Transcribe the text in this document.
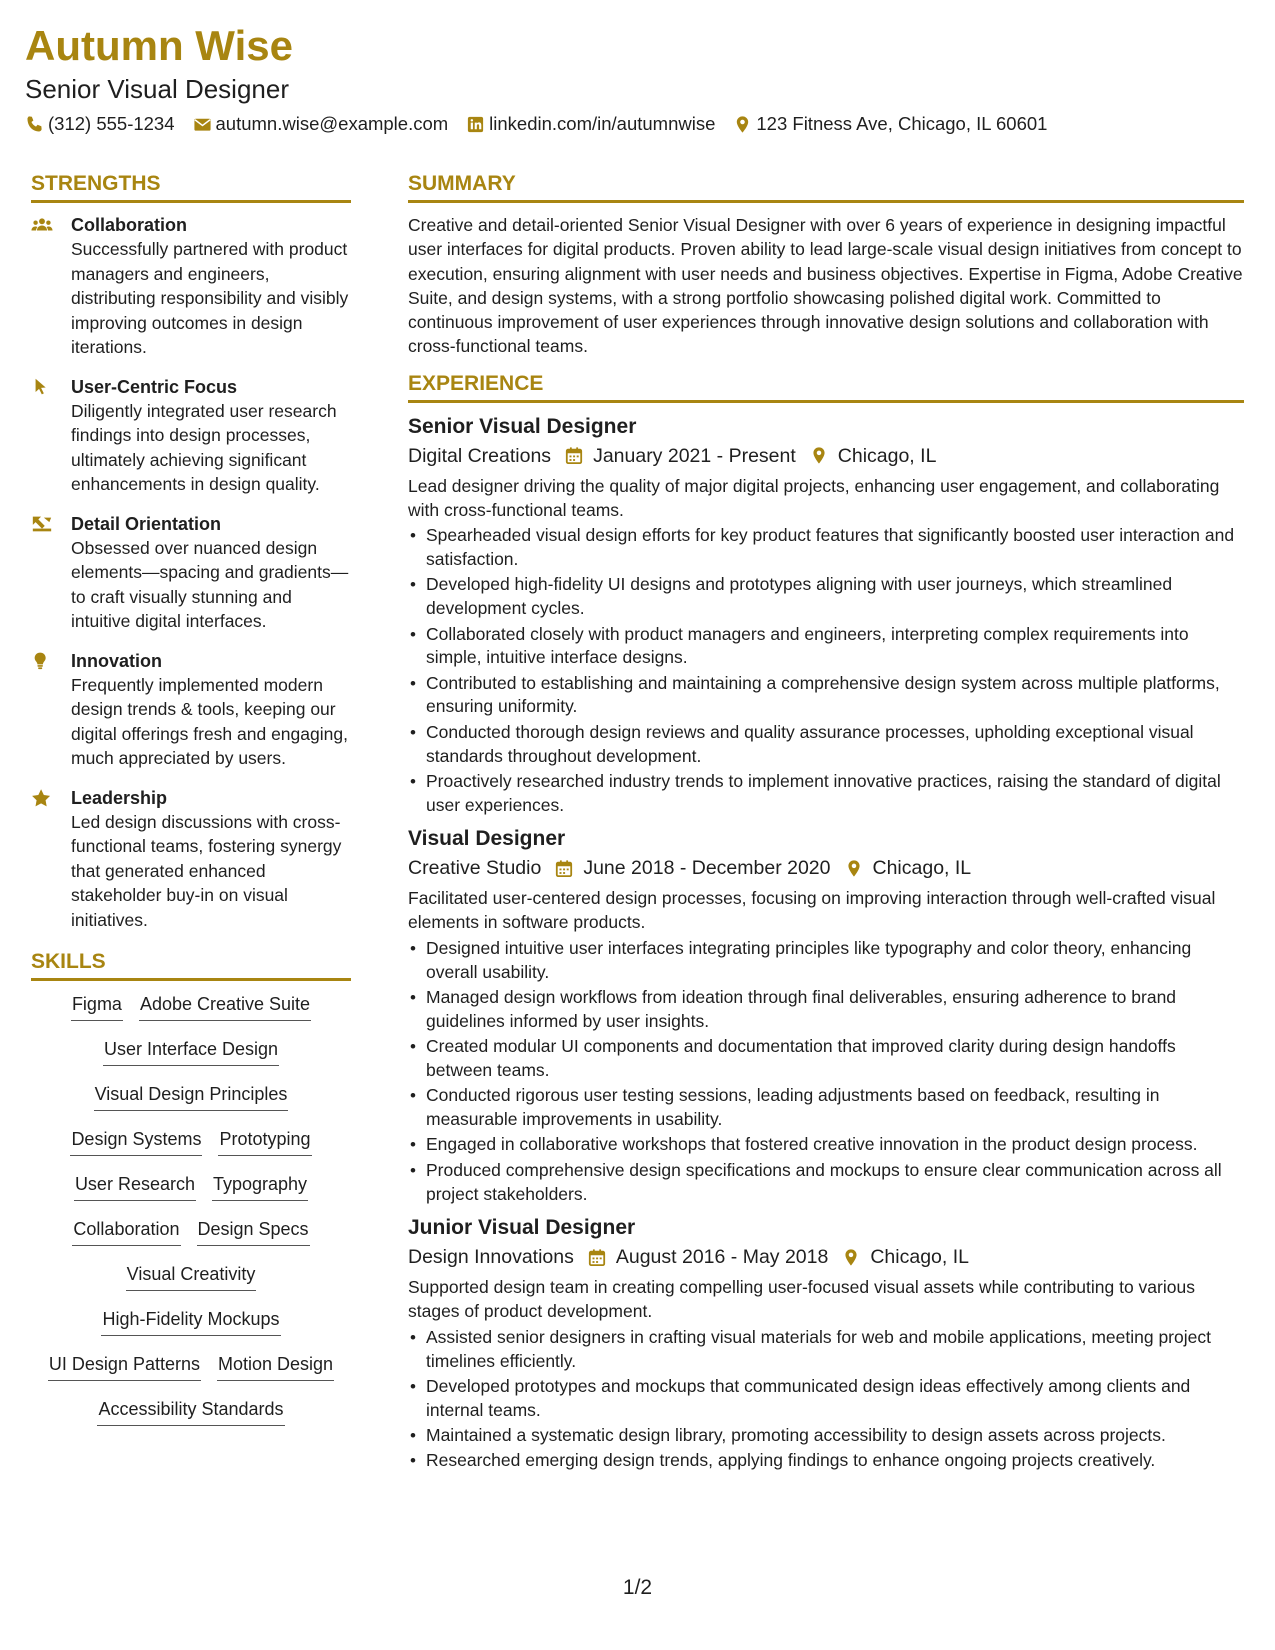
Autumn Wise
Senior Visual Designer
(312) 555-1234 autumn.wise@example.com linkedin.com/in/autumnwise 123 Fitness Ave, Chicago, IL 60601
STRENGTHS
Collaboration
Successfully partnered with product managers and engineers, distributing responsibility and visibly improving outcomes in design iterations.
User-Centric Focus
Diligently integrated user research findings into design processes, ultimately achieving significant enhancements in design quality.
Detail Orientation
Obsessed over nuanced design elements—spacing and gradients—to craft visually stunning and intuitive digital interfaces.
Innovation
Frequently implemented modern design trends & tools, keeping our digital offerings fresh and engaging, much appreciated by users.
Leadership
Led design discussions with cross-functional teams, fostering synergy that generated enhanced stakeholder buy-in on visual initiatives.
SKILLS
Figma Adobe Creative Suite
User Interface Design
Visual Design Principles
Design Systems Prototyping
User Research Typography
Collaboration Design Specs
Visual Creativity
High-Fidelity Mockups
UI Design Patterns Motion Design
Accessibility Standards
SUMMARY
Creative and detail-oriented Senior Visual Designer with over 6 years of experience in designing impactful user interfaces for digital products. Proven ability to lead large-scale visual design initiatives from concept to execution, ensuring alignment with user needs and business objectives. Expertise in Figma, Adobe Creative Suite, and design systems, with a strong portfolio showcasing polished digital work. Committed to continuous improvement of user experiences through innovative design solutions and collaboration with cross-functional teams.
EXPERIENCE
Senior Visual Designer
Digital Creations January 2021 - Present Chicago, IL
Lead designer driving the quality of major digital projects, enhancing user engagement, and collaborating with cross-functional teams.
• Spearheaded visual design efforts for key product features that significantly boosted user interaction and satisfaction.
• Developed high-fidelity UI designs and prototypes aligning with user journeys, which streamlined development cycles.
• Collaborated closely with product managers and engineers, interpreting complex requirements into simple, intuitive interface designs.
• Contributed to establishing and maintaining a comprehensive design system across multiple platforms, ensuring uniformity.
• Conducted thorough design reviews and quality assurance processes, upholding exceptional visual standards throughout development.
• Proactively researched industry trends to implement innovative practices, raising the standard of digital user experiences.
Visual Designer
Creative Studio June 2018 - December 2020 Chicago, IL
Facilitated user-centered design processes, focusing on improving interaction through well-crafted visual elements in software products.
• Designed intuitive user interfaces integrating principles like typography and color theory, enhancing overall usability.
• Managed design workflows from ideation through final deliverables, ensuring adherence to brand guidelines informed by user insights.
• Created modular UI components and documentation that improved clarity during design handoffs between teams.
• Conducted rigorous user testing sessions, leading adjustments based on feedback, resulting in measurable improvements in usability.
• Engaged in collaborative workshops that fostered creative innovation in the product design process.
• Produced comprehensive design specifications and mockups to ensure clear communication across all project stakeholders.
Junior Visual Designer
Design Innovations August 2016 - May 2018 Chicago, IL
Supported design team in creating compelling user-focused visual assets while contributing to various stages of product development.
• Assisted senior designers in crafting visual materials for web and mobile applications, meeting project timelines efficiently.
• Developed prototypes and mockups that communicated design ideas effectively among clients and internal teams.
• Maintained a systematic design library, promoting accessibility to design assets across projects.
• Researched emerging design trends, applying findings to enhance ongoing projects creatively.
1/2
